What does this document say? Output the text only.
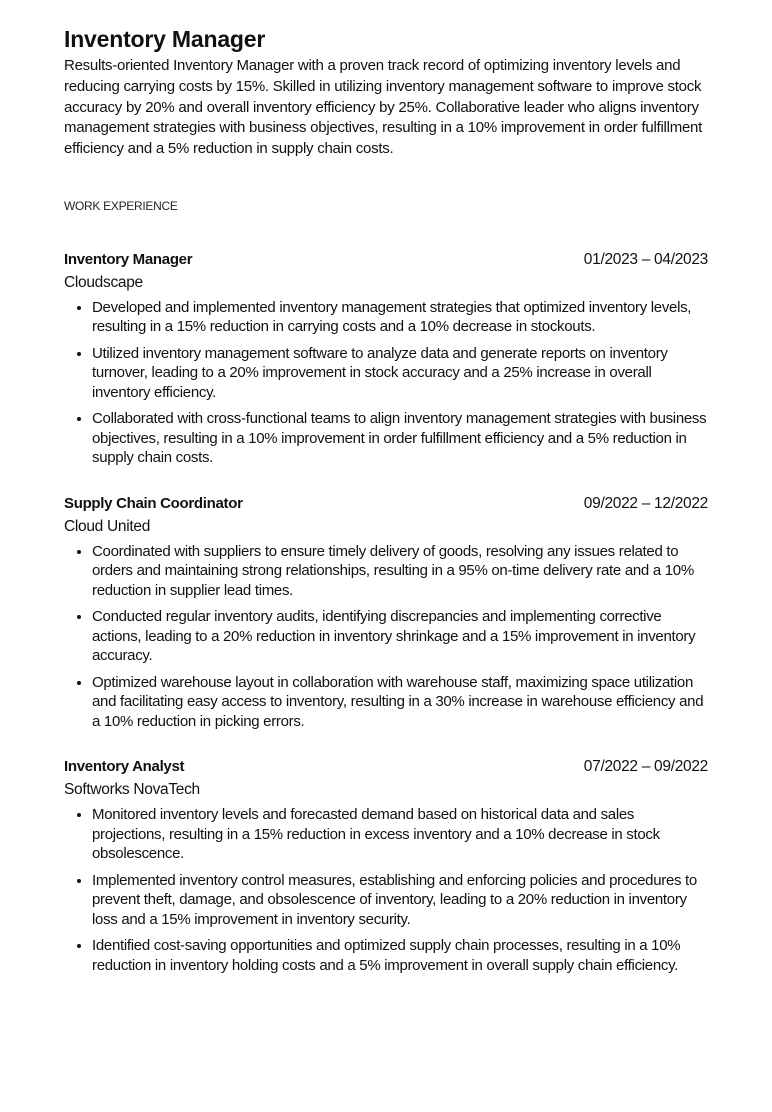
Inventory Manager

Results-oriented Inventory Manager with a proven track record of optimizing inventory levels and reducing carrying costs by 15%. Skilled in utilizing inventory management software to improve stock accuracy by 20% and overall inventory efficiency by 25%. Collaborative leader who aligns inventory management strategies with business objectives, resulting in a 10% improvement in order fulfillment efficiency and a 5% reduction in supply chain costs.

WORK EXPERIENCE
Inventory Manager	01/2023 – 04/2023
Cloudscape
• Developed and implemented inventory management strategies that optimized inventory levels, resulting in a 15% reduction in carrying costs and a 10% decrease in stockouts.
• Utilized inventory management software to analyze data and generate reports on inventory turnover, leading to a 20% improvement in stock accuracy and a 25% increase in overall inventory efficiency.
• Collaborated with cross-functional teams to align inventory management strategies with business objectives, resulting in a 10% improvement in order fulfillment efficiency and a 5% reduction in supply chain costs.
Supply Chain Coordinator	09/2022 – 12/2022
Cloud United
• Coordinated with suppliers to ensure timely delivery of goods, resolving any issues related to orders and maintaining strong relationships, resulting in a 95% on-time delivery rate and a 10% reduction in supplier lead times.
• Conducted regular inventory audits, identifying discrepancies and implementing corrective actions, leading to a 20% reduction in inventory shrinkage and a 15% improvement in inventory accuracy.
• Optimized warehouse layout in collaboration with warehouse staff, maximizing space utilization and facilitating easy access to inventory, resulting in a 30% increase in warehouse efficiency and a 10% reduction in picking errors.
Inventory Analyst	07/2022 – 09/2022
Softworks NovaTech
• Monitored inventory levels and forecasted demand based on historical data and sales projections, resulting in a 15% reduction in excess inventory and a 10% decrease in stock obsolescence.
• Implemented inventory control measures, establishing and enforcing policies and procedures to prevent theft, damage, and obsolescence of inventory, leading to a 20% reduction in inventory loss and a 15% improvement in inventory security.
• Identified cost-saving opportunities and optimized supply chain processes, resulting in a 10% reduction in inventory holding costs and a 5% improvement in overall supply chain efficiency.
